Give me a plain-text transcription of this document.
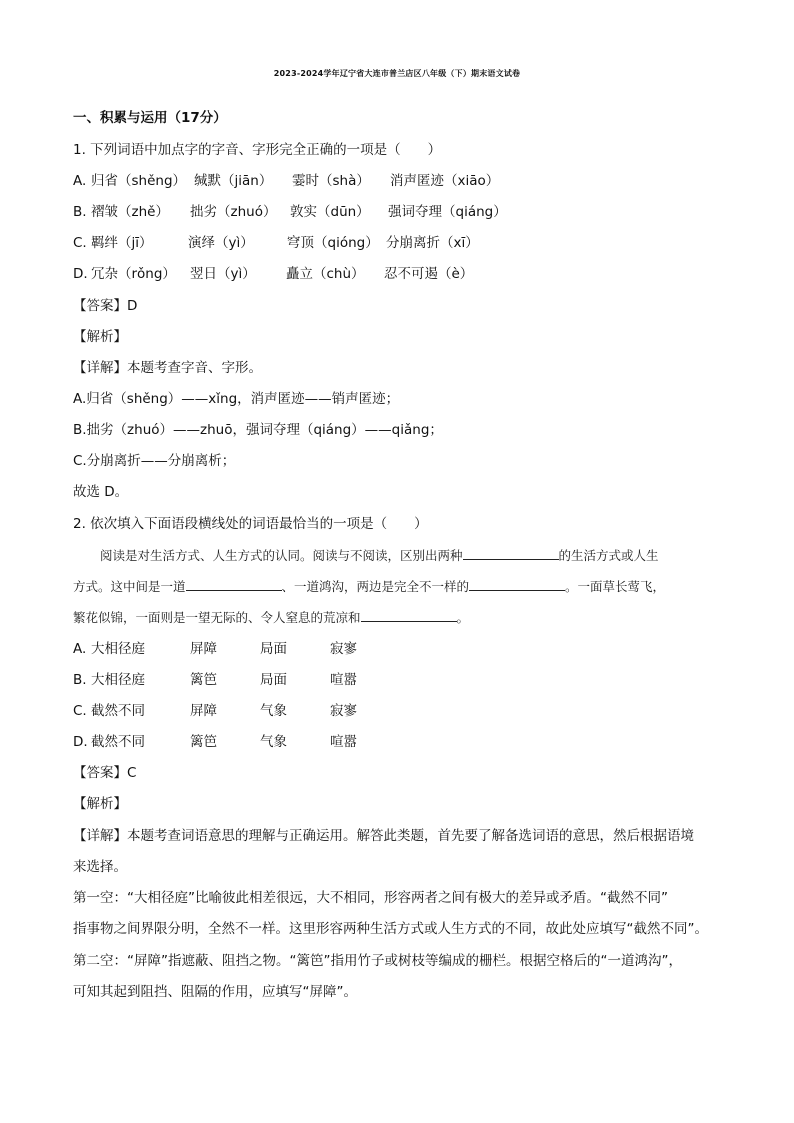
2023-2024学年辽宁省大连市普兰店区八年级（下）期末语文试卷
一、积累与运用（17分）
1. 下列词语中加点字的字音、字形完全正确的一项是（　　）
A. 归省（shěng） 缄默（jiān） 霎时（shà） 消声匿迹（xiāo）
B. 褶皱（zhě） 拙劣（zhuó） 敦实（dūn） 强词夺理（qiáng）
C. 羁绊（jī）	演绎（yì） 穹顶（qióng） 分崩离折（xī）
D. 冗杂（rǒng） 翌日（yì） 矗立（chù） 忍不可遏（è）
【答案】D
【解析】
【详解】本题考查字音、字形。
A.归省（shěng）——xǐng，消声匿迹——销声匿迹；
B.拙劣（zhuó）——zhuō，强词夺理（qiáng）——qiǎng；
C.分崩离折——分崩离析；
故选 D。
2. 依次填入下面语段横线处的词语最恰当的一项是（　　）
阅读是对生活方式、人生方式的认同。阅读与不阅读，区别出两种	的生活方式或人生
方式。这中间是一道	、一道鸿沟，两边是完全不一样的	。一面草长莺飞，
繁花似锦，一面则是一望无际的、令人窒息的荒凉和	。
A. 大相径庭	屏障	局面	寂寥
B. 大相径庭	篱笆	局面	喧嚣
C. 截然不同	屏障	气象	寂寥
D. 截然不同	篱笆	气象	喧嚣
【答案】C
【解析】
【详解】本题考查词语意思的理解与正确运用。解答此类题，首先要了解备选词语的意思，然后根据语境
来选择。
第一空：“大相径庭”比喻彼此相差很远，大不相同，形容两者之间有极大的差异或矛盾。“截然不同”
指事物之间界限分明，全然不一样。这里形容两种生活方式或人生方式的不同，故此处应填写“截然不同”。
第二空：“屏障”指遮蔽、阻挡之物。“篱笆”指用竹子或树枝等编成的栅栏。根据空格后的“一道鸿沟”，
可知其起到阻挡、阻隔的作用，应填写“屏障”。
